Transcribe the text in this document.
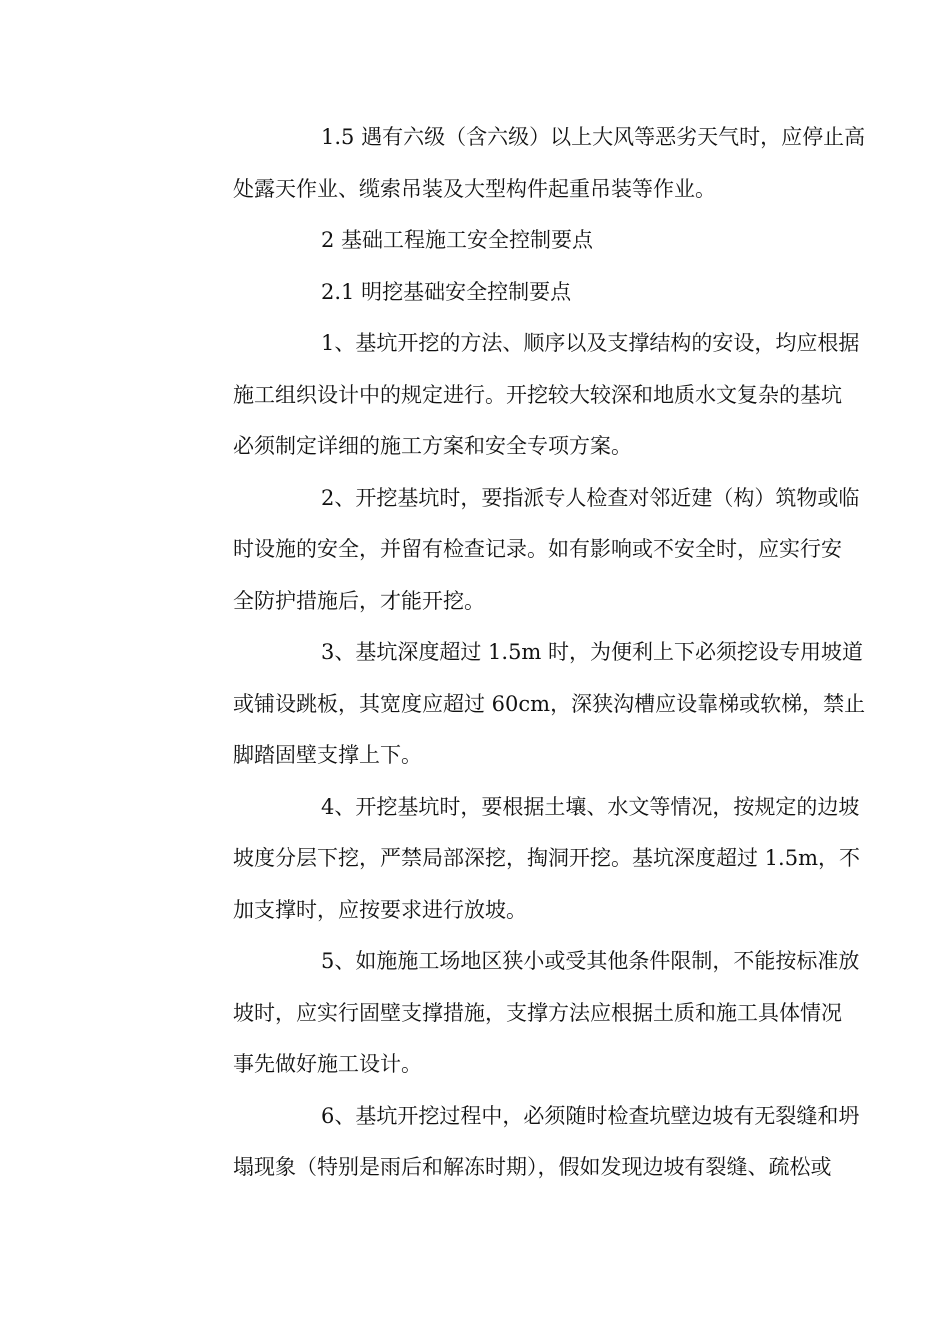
1.5 遇有六级（含六级）以上大风等恶劣天气时，应停止高
处露天作业、缆索吊装及大型构件起重吊装等作业。

2 基础工程施工安全控制要点

2.1 明挖基础安全控制要点

1、基坑开挖的方法、顺序以及支撑结构的安设，均应根据
施工组织设计中的规定进行。开挖较大较深和地质水文复杂的基坑
必须制定详细的施工方案和安全专项方案。

2、开挖基坑时，要指派专人检查对邻近建（构）筑物或临
时设施的安全，并留有检查记录。如有影响或不安全时，应实行安
全防护措施后，才能开挖。

3、基坑深度超过 1.5m 时，为便利上下必须挖设专用坡道
或铺设跳板，其宽度应超过 60cm，深狭沟槽应设靠梯或软梯，禁止
脚踏固壁支撑上下。

4、开挖基坑时，要根据土壤、水文等情况，按规定的边坡
坡度分层下挖，严禁局部深挖，掏洞开挖。基坑深度超过 1.5m，不
加支撑时，应按要求进行放坡。

5、如施施工场地区狭小或受其他条件限制，不能按标准放
坡时，应实行固壁支撑措施，支撑方法应根据土质和施工具体情况
事先做好施工设计。

6、基坑开挖过程中，必须随时检查坑壁边坡有无裂缝和坍
塌现象（特别是雨后和解冻时期），假如发现边坡有裂缝、疏松或
